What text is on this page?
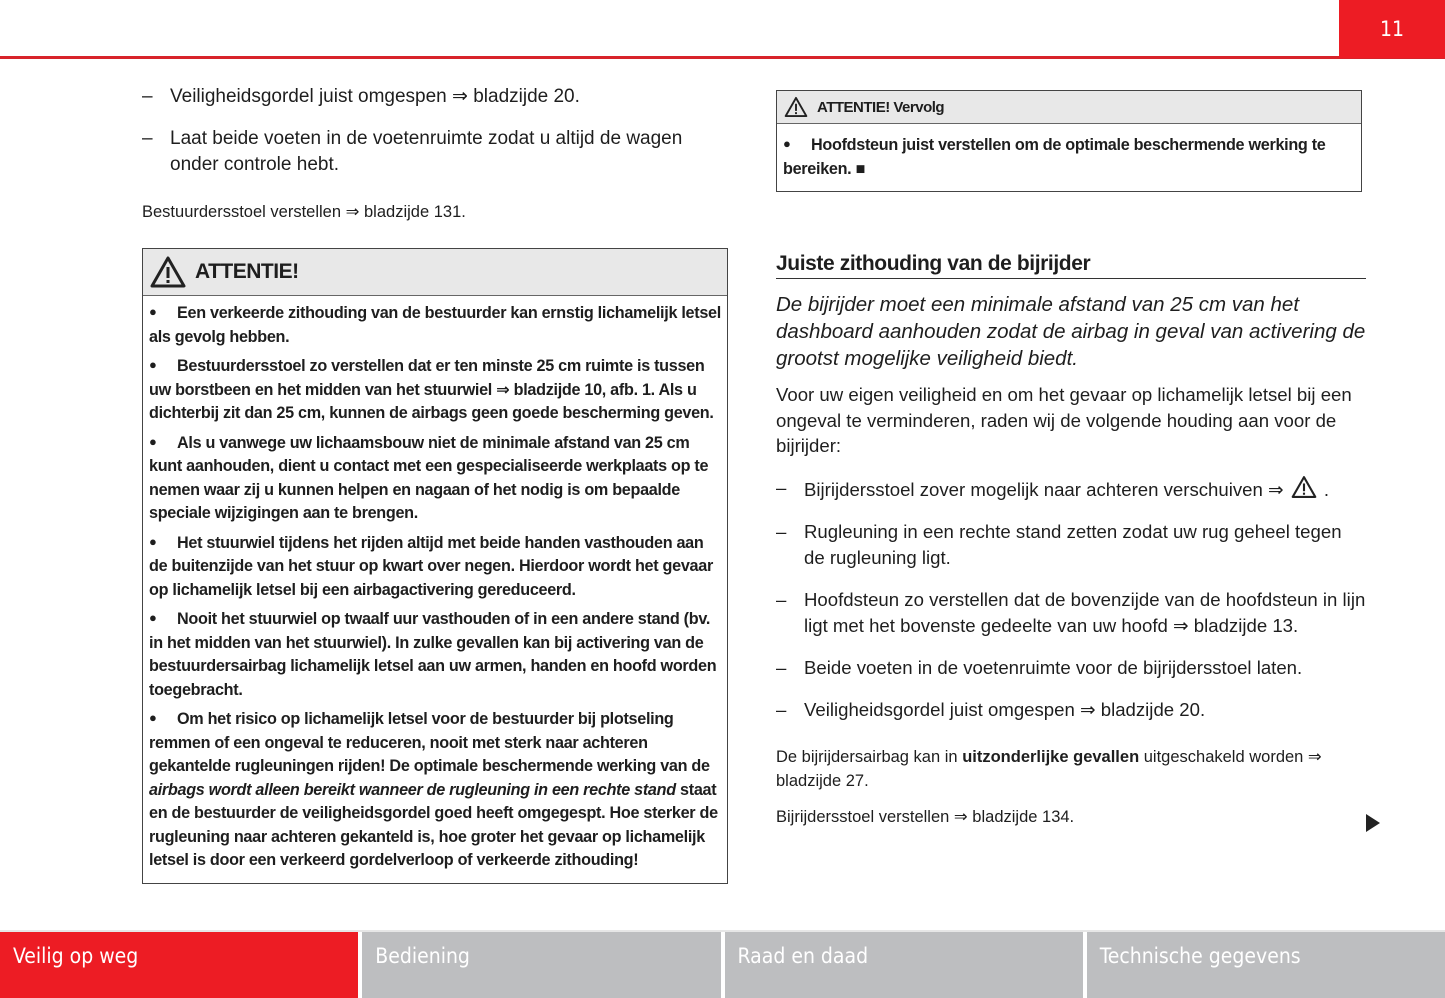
11
– Veiligheidsgordel juist omgespen ⇒ bladzijde 20.
– Laat beide voeten in de voetenruimte zodat u altijd de wagen onder controle hebt.
Bestuurdersstoel verstellen ⇒ bladzijde 131.
ATTENTIE!

● Een verkeerde zithouding van de bestuurder kan ernstig lichamelijk letsel als gevolg hebben.

● Bestuurdersstoel zo verstellen dat er ten minste 25 cm ruimte is tussen uw borstbeen en het midden van het stuurwiel ⇒ bladzijde 10, afb. 1. Als u dichterbij zit dan 25 cm, kunnen de airbags geen goede bescherming geven.

● Als u vanwege uw lichaamsbouw niet de minimale afstand van 25 cm kunt aanhouden, dient u contact met een gespecialiseerde werkplaats op te nemen waar zij u kunnen helpen en nagaan of het nodig is om bepaalde speciale wijzigingen aan te brengen.

● Het stuurwiel tijdens het rijden altijd met beide handen vasthouden aan de buitenzijde van het stuur op kwart over negen. Hierdoor wordt het gevaar op lichamelijk letsel bij een airbagactivering gereduceerd.

● Nooit het stuurwiel op twaalf uur vasthouden of in een andere stand (bv. in het midden van het stuurwiel). In zulke gevallen kan bij activering van de bestuurdersairbag lichamelijk letsel aan uw armen, handen en hoofd worden toegebracht.

● Om het risico op lichamelijk letsel voor de bestuurder bij plotseling remmen of een ongeval te reduceren, nooit met sterk naar achteren gekantelde rugleuningen rijden! De optimale beschermende werking van de airbags wordt alleen bereikt wanneer de rugleuning in een rechte stand staat en de bestuurder de veiligheidsgordel goed heeft omgegespt. Hoe sterker de rugleuning naar achteren gekanteld is, hoe groter het gevaar op lichamelijk letsel is door een verkeerd gordelverloop of verkeerde zithouding!

ATTENTIE! Vervolg

● Hoofdsteun juist verstellen om de optimale beschermende werking te bereiken. ■

Juiste zithouding van de bijrijder
De bijrijder moet een minimale afstand van 25 cm van het dashboard aanhouden zodat de airbag in geval van activering de grootst mogelijke veiligheid biedt.
Voor uw eigen veiligheid en om het gevaar op lichamelijk letsel bij een ongeval te verminderen, raden wij de volgende houding aan voor de bijrijder:
– Bijrijdersstoel zover mogelijk naar achteren verschuiven ⇒  .
– Rugleuning in een rechte stand zetten zodat uw rug geheel tegen de rugleuning ligt.
– Hoofdsteun zo verstellen dat de bovenzijde van de hoofdsteun in lijn ligt met het bovenste gedeelte van uw hoofd ⇒ bladzijde 13.
– Beide voeten in de voetenruimte voor de bijrijdersstoel laten.
– Veiligheidsgordel juist omgespen ⇒ bladzijde 20.
De bijrijdersairbag kan in uitzonderlijke gevallen uitgeschakeld worden ⇒ bladzijde 27.
Bijrijdersstoel verstellen ⇒ bladzijde 134.
Veilig op weg	Bediening	Raad en daad	Technische gegevens
